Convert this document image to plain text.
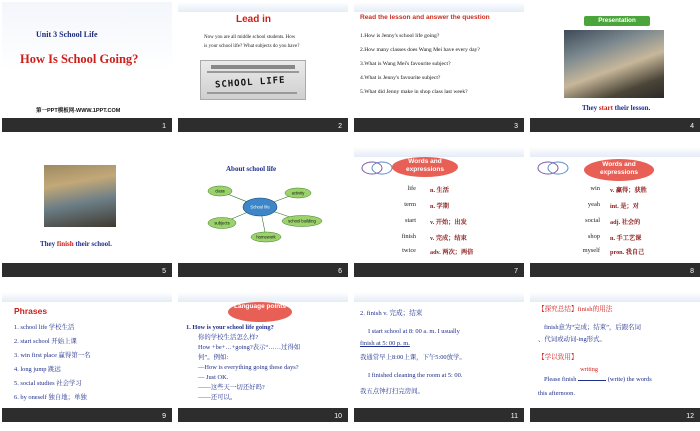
Unit 3 School Life
How Is School Going?
第一PPT模板网-WWW.1PPT.COM
1
Lead in
Now you are all middle school students. How
is your school life? What subjects do you have?
SCHOOL LIFE
2
Read the lesson and answer the question
1.How is Jenny's school life going?
2.How many classes does Wang Mei have every day?
3.What is Wang Mei's favourite subject?
4.What is Jenny's favourite subject?
5.What did Jenny make in shop class last week?
3
Presentation
They start their lesson.
4
They finish their school.
5
About school life
School life
class	activity
subjects	school building
homework
6
Words and expressions
life n. 生活
term n. 学期
start v. 开始；出发
finish v. 完成；结束
twice adv. 两次；两倍
7
Words and expressions
win v. 赢得；获胜
yeah int. 是；对
social adj. 社会的
shop n. 手工艺课
myself pron. 我自己
8
Phrases
1. school life 学校生活
2. start school 开始上课
3. win first place 赢得第一名
4. long jump 跳远
5. social studies 社会学习
6. by oneself 独自地；单独
9
Language points
1. How is your school life going?
你的学校生活怎么样?
How +be+…+going?表示“……过得如
何”。例如:
—How is everything going these days?
— Just OK.
——这些天一切还好吗?
——还可以。
10
2. finish v. 完成；结束
I start school at 8: 00 a. m. I usually
finish at 5: 00 p. m.
我通常早上8:00上课，下午5:00放学。
I finished cleaning the room at 5: 00.
我五点钟打扫完房间。
11
【探究总结】finish的用法
finish意为“完成；结束”，后跟名词
、代词或动词-ing形式。
【学以致用】
Please finish
writing
(write) the words
this afternoon.
12
